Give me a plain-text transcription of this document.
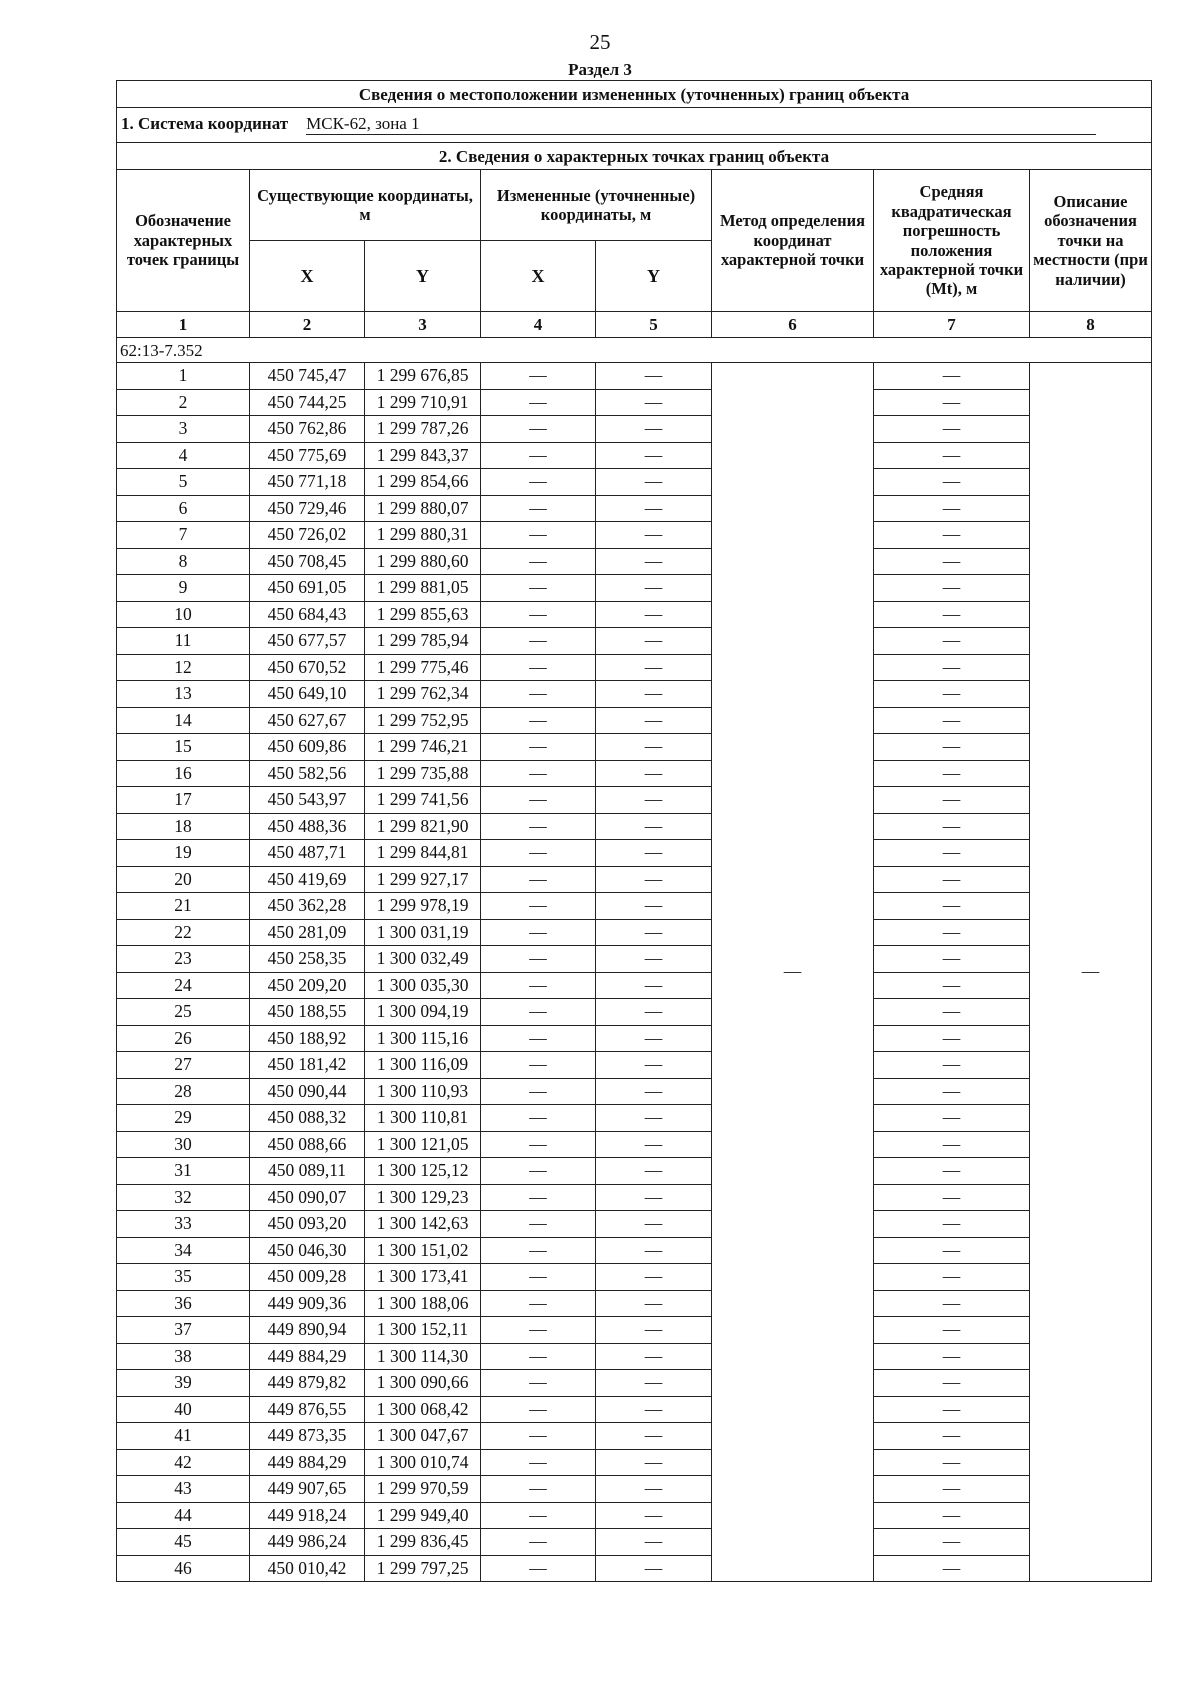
25
Раздел 3
Сведения о местоположении измененных (уточненных) границ объекта							
1. Система координат МСК-62, зона 1							
2. Сведения о характерных точках границ объекта							
Обозначение характерных точек границы	Существующие координаты, м		Измененные (уточненные) координаты, м		Метод определения координат характерной точки	Средняя квадратическая погрешность положения характерной точки (Mt), м	Описание обозначения точки на местности (при наличии)
	X	Y	X	Y			
1	2	3	4	5	6	7	8
62:13-7.352							
1	450 745,47	1 299 676,85	—	—	—	—	—
2	450 744,25	1 299 710,91	—	—		—	
3	450 762,86	1 299 787,26	—	—		—	
4	450 775,69	1 299 843,37	—	—		—	
5	450 771,18	1 299 854,66	—	—		—	
6	450 729,46	1 299 880,07	—	—		—	
7	450 726,02	1 299 880,31	—	—		—	
8	450 708,45	1 299 880,60	—	—		—	
9	450 691,05	1 299 881,05	—	—		—	
10	450 684,43	1 299 855,63	—	—		—	
11	450 677,57	1 299 785,94	—	—		—	
12	450 670,52	1 299 775,46	—	—		—	
13	450 649,10	1 299 762,34	—	—		—	
14	450 627,67	1 299 752,95	—	—		—	
15	450 609,86	1 299 746,21	—	—		—	
16	450 582,56	1 299 735,88	—	—		—	
17	450 543,97	1 299 741,56	—	—		—	
18	450 488,36	1 299 821,90	—	—		—	
19	450 487,71	1 299 844,81	—	—		—	
20	450 419,69	1 299 927,17	—	—		—	
21	450 362,28	1 299 978,19	—	—		—	
22	450 281,09	1 300 031,19	—	—		—	
23	450 258,35	1 300 032,49	—	—		—	
24	450 209,20	1 300 035,30	—	—		—	
25	450 188,55	1 300 094,19	—	—		—	
26	450 188,92	1 300 115,16	—	—		—	
27	450 181,42	1 300 116,09	—	—		—	
28	450 090,44	1 300 110,93	—	—		—	
29	450 088,32	1 300 110,81	—	—		—	
30	450 088,66	1 300 121,05	—	—		—	
31	450 089,11	1 300 125,12	—	—		—	
32	450 090,07	1 300 129,23	—	—		—	
33	450 093,20	1 300 142,63	—	—		—	
34	450 046,30	1 300 151,02	—	—		—	
35	450 009,28	1 300 173,41	—	—		—	
36	449 909,36	1 300 188,06	—	—		—	
37	449 890,94	1 300 152,11	—	—		—	
38	449 884,29	1 300 114,30	—	—		—	
39	449 879,82	1 300 090,66	—	—		—	
40	449 876,55	1 300 068,42	—	—		—	
41	449 873,35	1 300 047,67	—	—		—	
42	449 884,29	1 300 010,74	—	—		—	
43	449 907,65	1 299 970,59	—	—		—	
44	449 918,24	1 299 949,40	—	—		—	
45	449 986,24	1 299 836,45	—	—		—	
46	450 010,42	1 299 797,25	—	—		—	
